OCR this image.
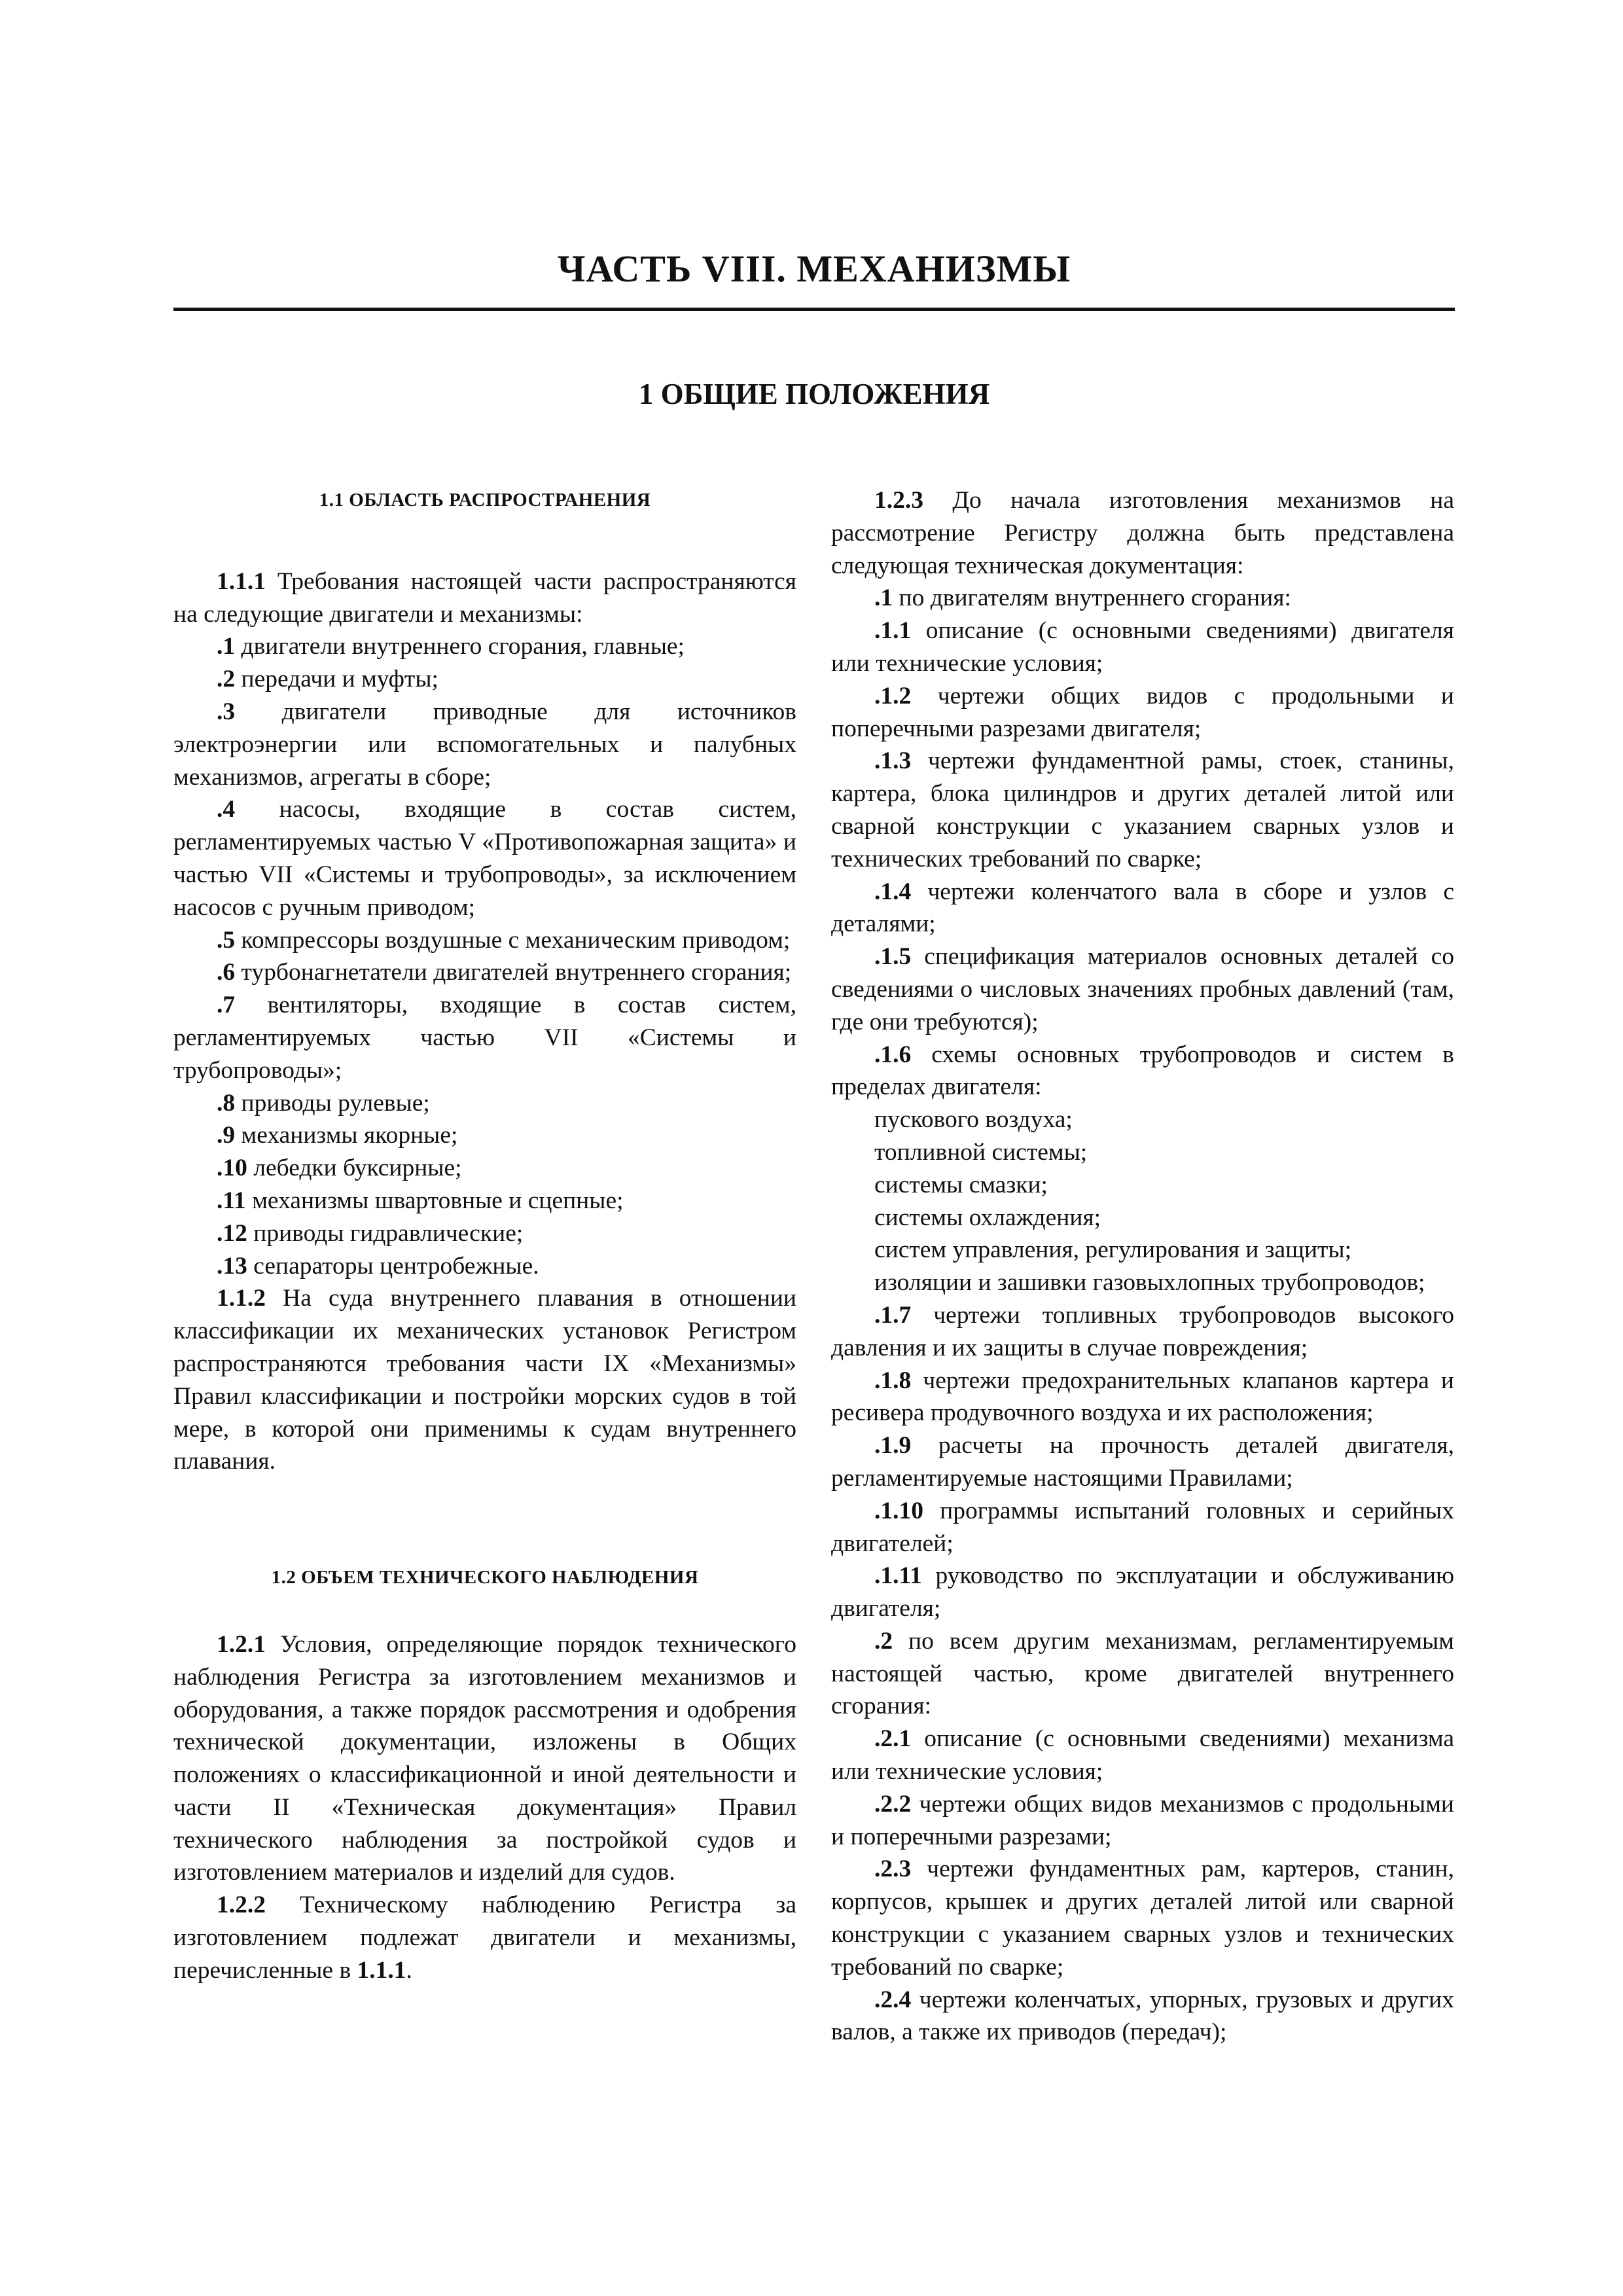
ЧАСТЬ VIII. МЕХАНИЗМЫ
1 ОБЩИЕ ПОЛОЖЕНИЯ
1.1 ОБЛАСТЬ РАСПРОСТРАНЕНИЯ

1.1.1 Требования настоящей части распространяются на следующие двигатели и механизмы:

.1 двигатели внутреннего сгорания, главные;

.2 передачи и муфты;

.3 двигатели приводные для источников электроэнергии или вспомогательных и палубных механизмов, агрегаты в сборе;

.4 насосы, входящие в состав систем, регламентируемых частью V «Противопожарная защита» и частью VII «Системы и трубопроводы», за исключением насосов с ручным приводом;

.5 компрессоры воздушные с механическим приводом;

.6 турбонагнетатели двигателей внутреннего сгорания;

.7 вентиляторы, входящие в состав систем, регламентируемых частью VII «Системы и трубопроводы»;

.8 приводы рулевые;

.9 механизмы якорные;

.10 лебедки буксирные;

.11 механизмы швартовные и сцепные;

.12 приводы гидравлические;

.13 сепараторы центробежные.

1.1.2 На суда внутреннего плавания в отношении классификации их механических установок Регистром распространяются требования части IX «Механизмы» Правил классификации и постройки морских судов в той мере, в которой они применимы к судам внутреннего плавания.

1.2 ОБЪЕМ ТЕХНИЧЕСКОГО НАБЛЮДЕНИЯ

1.2.1 Условия, определяющие порядок технического наблюдения Регистра за изготовлением механизмов и оборудования, а также порядок рассмотрения и одобрения технической документации, изложены в Общих положениях о классификационной и иной деятельности и части II «Техническая документация» Правил технического наблюдения за постройкой судов и изготовлением материалов и изделий для судов.

1.2.2 Техническому наблюдению Регистра за изготовлением подлежат двигатели и механизмы, перечисленные в 1.1.1.

1.2.3 До начала изготовления механизмов на рассмотрение Регистру должна быть представлена следующая техническая документация:

.1 по двигателям внутреннего сгорания:

.1.1 описание (с основными сведениями) двигателя или технические условия;

.1.2 чертежи общих видов с продольными и поперечными разрезами двигателя;

.1.3 чертежи фундаментной рамы, стоек, станины, картера, блока цилиндров и других деталей литой или сварной конструкции с указанием сварных узлов и технических требований по сварке;

.1.4 чертежи коленчатого вала в сборе и узлов с деталями;

.1.5 спецификация материалов основных деталей со сведениями о числовых значениях пробных давлений (там, где они требуются);

.1.6 схемы основных трубопроводов и систем в пределах двигателя:

пускового воздуха;

топливной системы;

системы смазки;

системы охлаждения;

систем управления, регулирования и защиты;

изоляции и зашивки газовыхлопных трубопроводов;

.1.7 чертежи топливных трубопроводов высокого давления и их защиты в случае повреждения;

.1.8 чертежи предохранительных клапанов картера и ресивера продувочного воздуха и их расположения;

.1.9 расчеты на прочность деталей двигателя, регламентируемые настоящими Правилами;

.1.10 программы испытаний головных и серийных двигателей;

.1.11 руководство по эксплуатации и обслуживанию двигателя;

.2 по всем другим механизмам, регламентируемым настоящей частью, кроме двигателей внутреннего сгорания:

.2.1 описание (с основными сведениями) механизма или технические условия;

.2.2 чертежи общих видов механизмов с продольными и поперечными разрезами;

.2.3 чертежи фундаментных рам, картеров, станин, корпусов, крышек и других деталей литой или сварной конструкции с указанием сварных узлов и технических требований по сварке;

.2.4 чертежи коленчатых, упорных, грузовых и других валов, а также их приводов (передач);
